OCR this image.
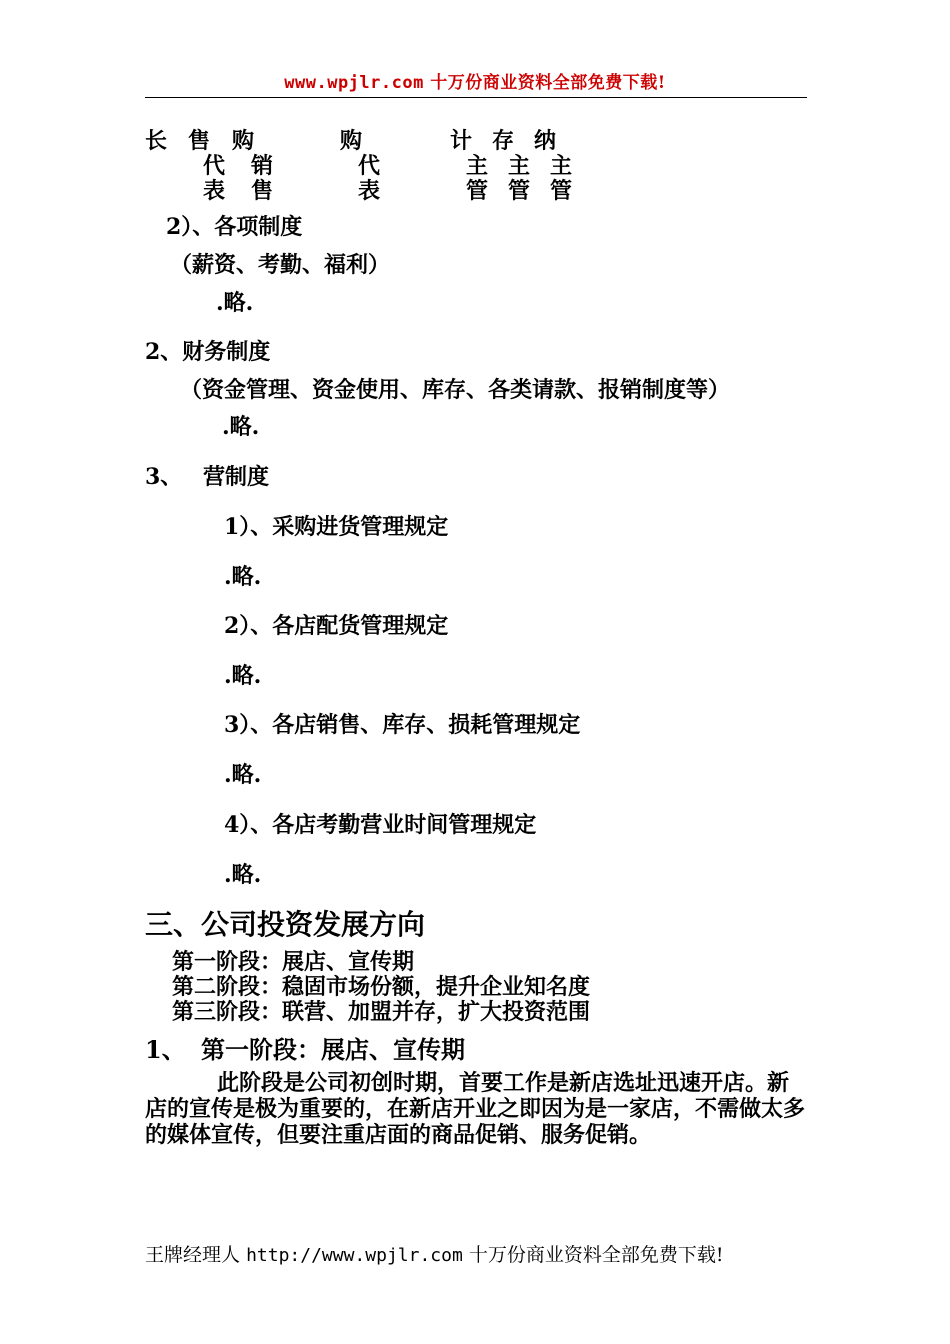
www.wpjlr.com 十万份商业资料全部免费下载!
长 售 购	购	计 存 纳
代 销	代	主 主 主
表 售	表	管 管 管
2）、各项制度
（薪资、考勤、福利）
.略.
2、财务制度
（资金管理、资金使用、库存、各类请款、报销制度等）
.略.
3、 营制度
1）、采购进货管理规定
.略.
2）、各店配货管理规定
.略.
3）、各店销售、库存、损耗管理规定
.略.
4）、各店考勤营业时间管理规定
.略.
三、公司投资发展方向
第一阶段：展店、宣传期
第二阶段：稳固市场份额，提升企业知名度
第三阶段：联营、加盟并存，扩大投资范围
1、 第一阶段：展店、宣传期
此阶段是公司初创时期，首要工作是新店选址迅速开店。新店的宣传是极为重要的，在新店开业之即因为是一家店，不需做太多的媒体宣传，但要注重店面的商品促销、服务促销。
王牌经理人 http://www.wpjlr.com 十万份商业资料全部免费下载!
